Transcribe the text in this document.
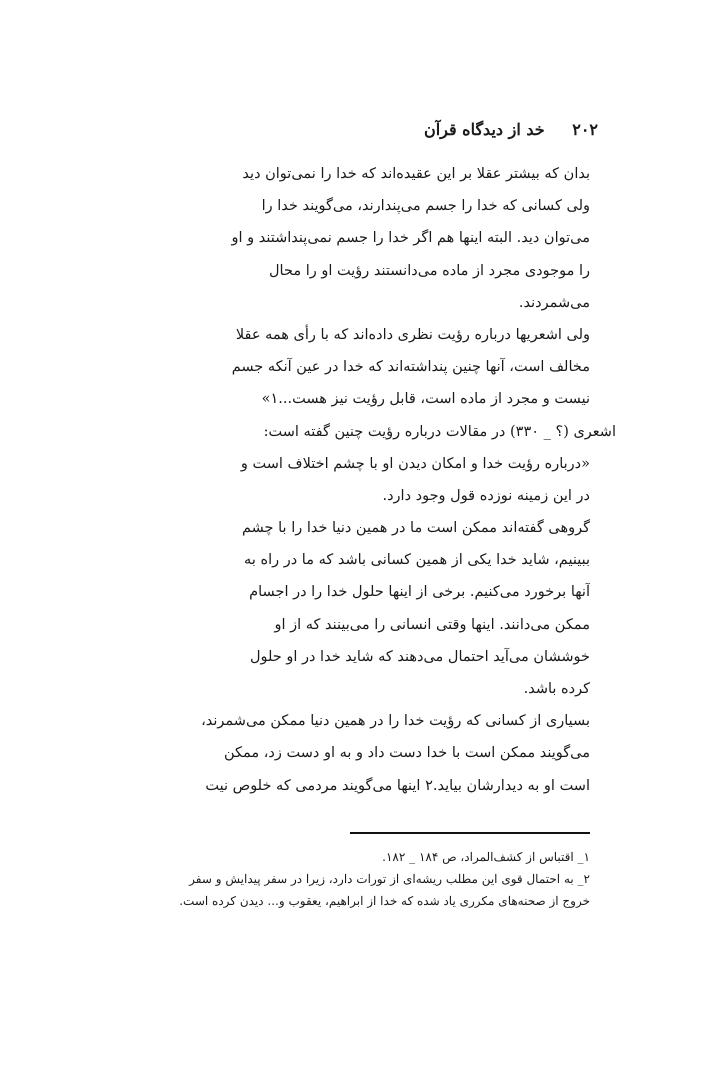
۲۰۲ خد از دیدگاه قرآن
بدان که بیشتر عقلا بر این عقیده‌اند که خدا را نمی‌توان دید
ولی کسانی که خدا را جسم می‌پندارند، می‌گویند خدا را
می‌توان دید. البته اینها هم اگر خدا را جسم نمی‌پنداشتند و او
را موجودی مجرد از ماده می‌دانستند رؤیت او را محال
می‌شمردند.
ولی اشعریها درباره رؤیت نظری داده‌اند که با رأی همه عقلا
مخالف است، آنها چنین پنداشته‌اند که خدا در عین آنکه جسم
نیست و مجرد از ماده است، قابل رؤیت نیز هست...۱»
اشعری (؟ _ ۳۳۰) در مقالات درباره رؤیت چنین گفته است:
«درباره رؤیت خدا و امکان دیدن او با چشم اختلاف است و
در این زمینه نوزده قول وجود دارد.
گروهی گفته‌اند ممکن است ما در همین دنیا خدا را با چشم
ببینیم، شاید خدا یکی از همین کسانی باشد که ما در راه به
آنها برخورد می‌کنیم. برخی از اینها حلول خدا را در اجسام
ممکن می‌دانند. اینها وقتی انسانی را می‌بینند که از او
خوششان می‌آید احتمال می‌دهند که شاید خدا در او حلول
کرده باشد.
بسیاری از کسانی که رؤیت خدا را در همین دنیا ممکن می‌شمرند،
می‌گویند ممکن است با خدا دست داد و به او دست زد، ممکن
است او به دیدارشان بیاید.۲ اینها می‌گویند مردمی که خلوص نیت
۱_ اقتباس از کشف‌المراد، ص ۱۸۴ _ ۱۸۲.
۲_ به احتمال قوی این مطلب ریشه‌ای از تورات دارد، زیرا در سفر پیدایش و سفر
خروج از صحنه‌های مکرری یاد شده که خدا از ابراهیم، یعقوب و... دیدن کرده است.
